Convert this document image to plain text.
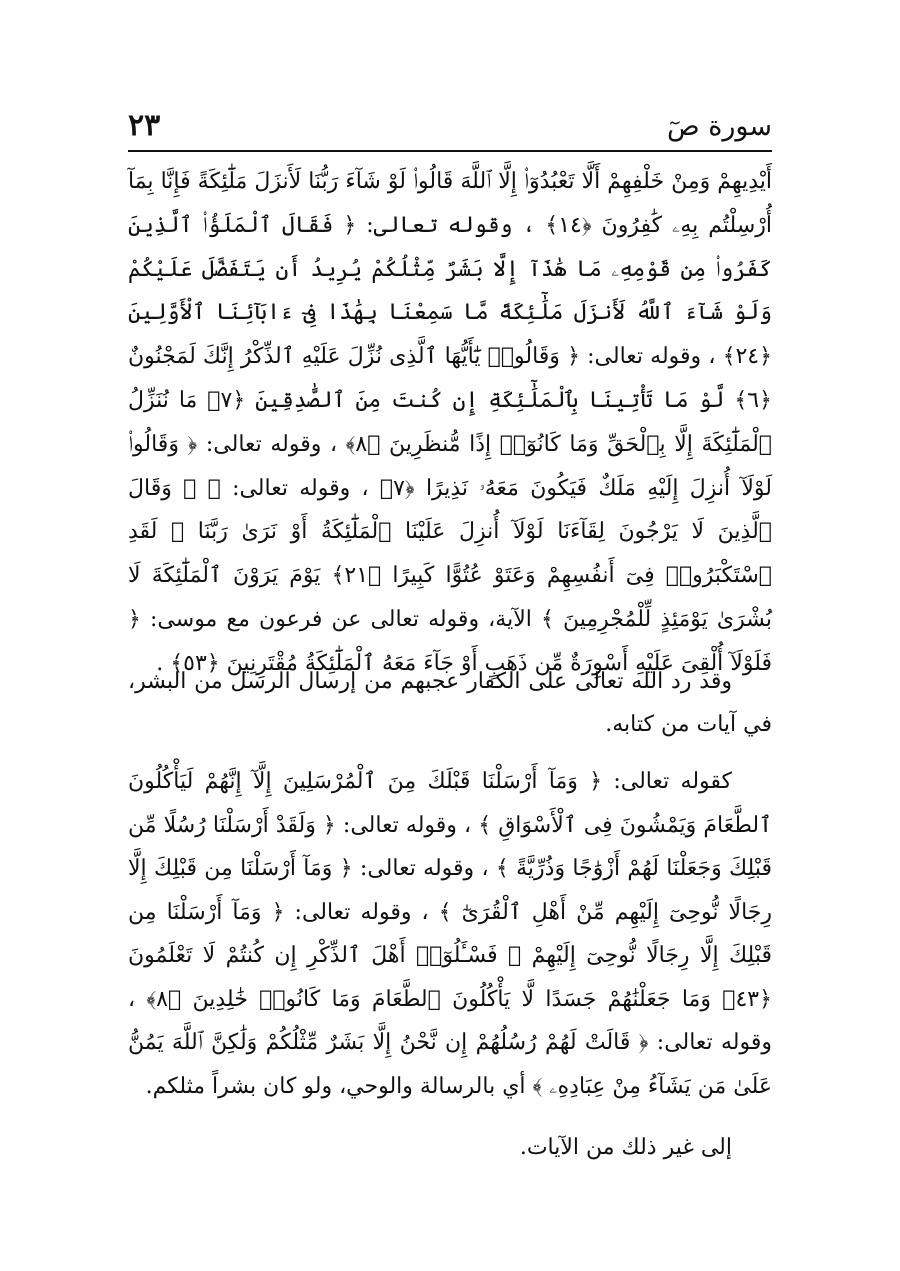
سورة صٓ
٢٣

أَيْدِيهِمْ وَمِنْ خَلْفِهِمْ أَلَّا تَعْبُدُوٓا۟ إِلَّا ٱللَّهَ قَالُوا۟ لَوْ شَآءَ رَبُّنَا لَأَنزَلَ مَلَٰٓئِكَةً فَإِنَّا بِمَآ أُرْسِلْتُم بِهِۦ كَٰفِرُونَ ﴿١٤﴾ ، وقوله تعالى: ﴿ فَقَالَ ٱلْمَلَؤُا۟ ٱلَّذِينَ كَفَرُوا۟ مِن قَوْمِهِۦ مَا هَٰذَآ إِلَّا بَشَرٌ مِّثْلُكُمْ يُرِيدُ أَن يَتَفَضَّلَ عَلَيْكُمْ وَلَوْ شَآءَ ٱللَّهُ لَأَنزَلَ مَلَٰٓئِكَةً مَّا سَمِعْنَا بِهَٰذَا فِىٓ ءَابَآئِنَا ٱلْأَوَّلِينَ ﴿٢٤﴾ ، وقوله تعالى: ﴿ وَقَالُوا۟ يَٰٓأَيُّهَا ٱلَّذِى نُزِّلَ عَلَيْهِ ٱلذِّكْرُ إِنَّكَ لَمَجْنُونٌ ﴿٦﴾ لَّوْ مَا تَأْتِينَا بِٱلْمَلَٰٓئِكَةِ إِن كُنتَ مِنَ ٱلصَّٰدِقِينَ ﴿٧﴾ مَا نُنَزِّلُ ٱلْمَلَٰٓئِكَةَ إِلَّا بِٱلْحَقِّ وَمَا كَانُوٓا۟ إِذًا مُّنظَرِينَ ﴿٨﴾ ، وقوله تعالى: ﴿ وَقَالُوا۟ لَوْلَآ أُنزِلَ إِلَيْهِ مَلَكٌ فَيَكُونَ مَعَهُۥ نَذِيرًا ﴿٧﴾ ، وقوله تعالى: ﴿ ۞ وَقَالَ ٱلَّذِينَ لَا يَرْجُونَ لِقَآءَنَا لَوْلَآ أُنزِلَ عَلَيْنَا ٱلْمَلَٰٓئِكَةُ أَوْ نَرَىٰ رَبَّنَا ۗ لَقَدِ ٱسْتَكْبَرُوا۟ فِىٓ أَنفُسِهِمْ وَعَتَوْ عُتُوًّا كَبِيرًا ﴿٢١﴾ يَوْمَ يَرَوْنَ ٱلْمَلَٰٓئِكَةَ لَا بُشْرَىٰ يَوْمَئِذٍ لِّلْمُجْرِمِينَ ﴾ الآية، وقوله تعالى عن فرعون مع موسى: ﴿ فَلَوْلَآ أُلْقِىَ عَلَيْهِ أَسْوِرَةٌ مِّن ذَهَبٍ أَوْ جَآءَ مَعَهُ ٱلْمَلَٰٓئِكَةُ مُقْتَرِنِينَ ﴿٥٣﴾ .

وقد رد الله تعالى على الكفار عجبهم من إرسال الرسل من البشر، في آيات من كتابه.

كقوله تعالى: ﴿ وَمَآ أَرْسَلْنَا قَبْلَكَ مِنَ ٱلْمُرْسَلِينَ إِلَّآ إِنَّهُمْ لَيَأْكُلُونَ ٱلطَّعَامَ وَيَمْشُونَ فِى ٱلْأَسْوَاقِ ﴾ ، وقوله تعالى: ﴿ وَلَقَدْ أَرْسَلْنَا رُسُلًا مِّن قَبْلِكَ وَجَعَلْنَا لَهُمْ أَزْوَٰجًا وَذُرِّيَّةً ﴾ ، وقوله تعالى: ﴿ وَمَآ أَرْسَلْنَا مِن قَبْلِكَ إِلَّا رِجَالًا نُّوحِىٓ إِلَيْهِم مِّنْ أَهْلِ ٱلْقُرَىٰٓ ﴾ ، وقوله تعالى: ﴿ وَمَآ أَرْسَلْنَا مِن قَبْلِكَ إِلَّا رِجَالًا نُّوحِىٓ إِلَيْهِمْ ۚ فَسْـَٔلُوٓا۟ أَهْلَ ٱلذِّكْرِ إِن كُنتُمْ لَا تَعْلَمُونَ ﴿٤٣﴾ وَمَا جَعَلْنَٰهُمْ جَسَدًا لَّا يَأْكُلُونَ ٱلطَّعَامَ وَمَا كَانُوا۟ خَٰلِدِينَ ﴿٨﴾ ، وقوله تعالى: ﴿ قَالَتْ لَهُمْ رُسُلُهُمْ إِن نَّحْنُ إِلَّا بَشَرٌ مِّثْلُكُمْ وَلَٰكِنَّ ٱللَّهَ يَمُنُّ عَلَىٰ مَن يَشَآءُ مِنْ عِبَادِهِۦ ﴾ أي بالرسالة والوحي، ولو كان بشراً مثلكم.

إلى غير ذلك من الآيات.
